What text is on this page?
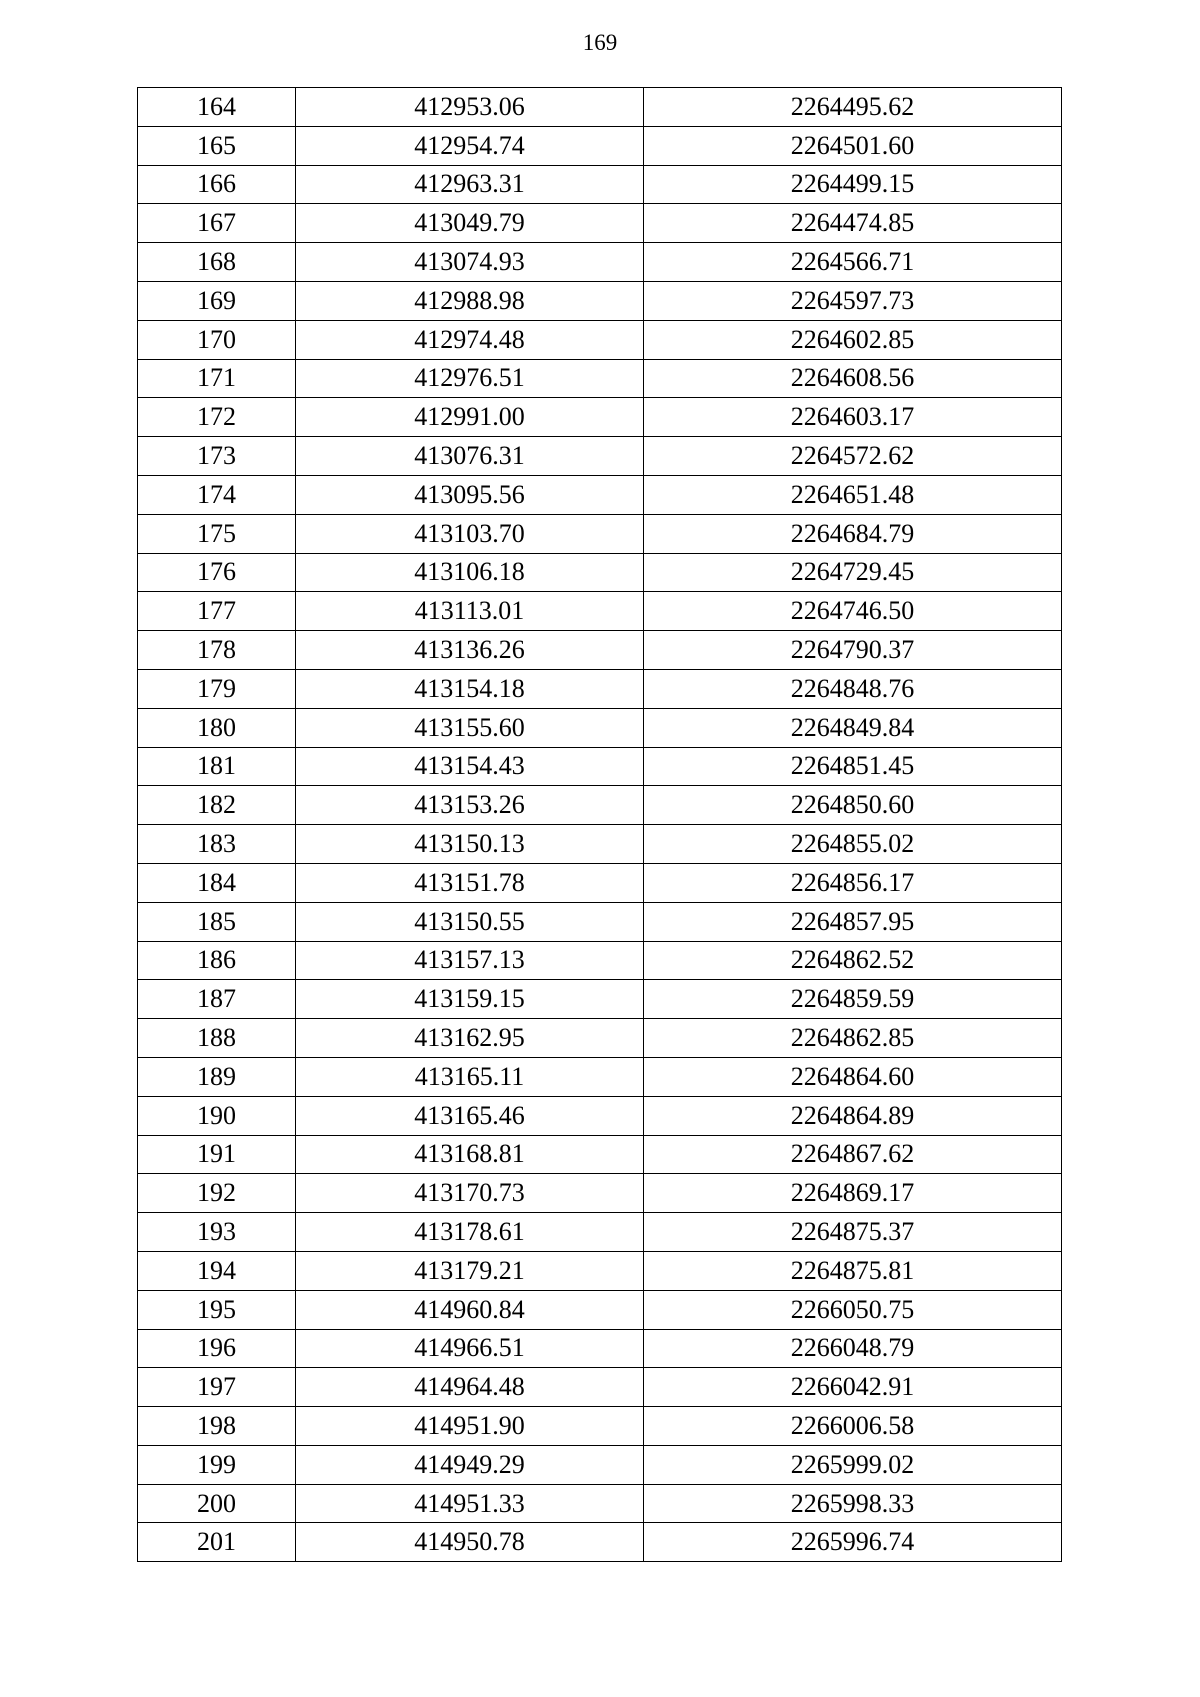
169
164	412953.06	2264495.62
165	412954.74	2264501.60
166	412963.31	2264499.15
167	413049.79	2264474.85
168	413074.93	2264566.71
169	412988.98	2264597.73
170	412974.48	2264602.85
171	412976.51	2264608.56
172	412991.00	2264603.17
173	413076.31	2264572.62
174	413095.56	2264651.48
175	413103.70	2264684.79
176	413106.18	2264729.45
177	413113.01	2264746.50
178	413136.26	2264790.37
179	413154.18	2264848.76
180	413155.60	2264849.84
181	413154.43	2264851.45
182	413153.26	2264850.60
183	413150.13	2264855.02
184	413151.78	2264856.17
185	413150.55	2264857.95
186	413157.13	2264862.52
187	413159.15	2264859.59
188	413162.95	2264862.85
189	413165.11	2264864.60
190	413165.46	2264864.89
191	413168.81	2264867.62
192	413170.73	2264869.17
193	413178.61	2264875.37
194	413179.21	2264875.81
195	414960.84	2266050.75
196	414966.51	2266048.79
197	414964.48	2266042.91
198	414951.90	2266006.58
199	414949.29	2265999.02
200	414951.33	2265998.33
201	414950.78	2265996.74
